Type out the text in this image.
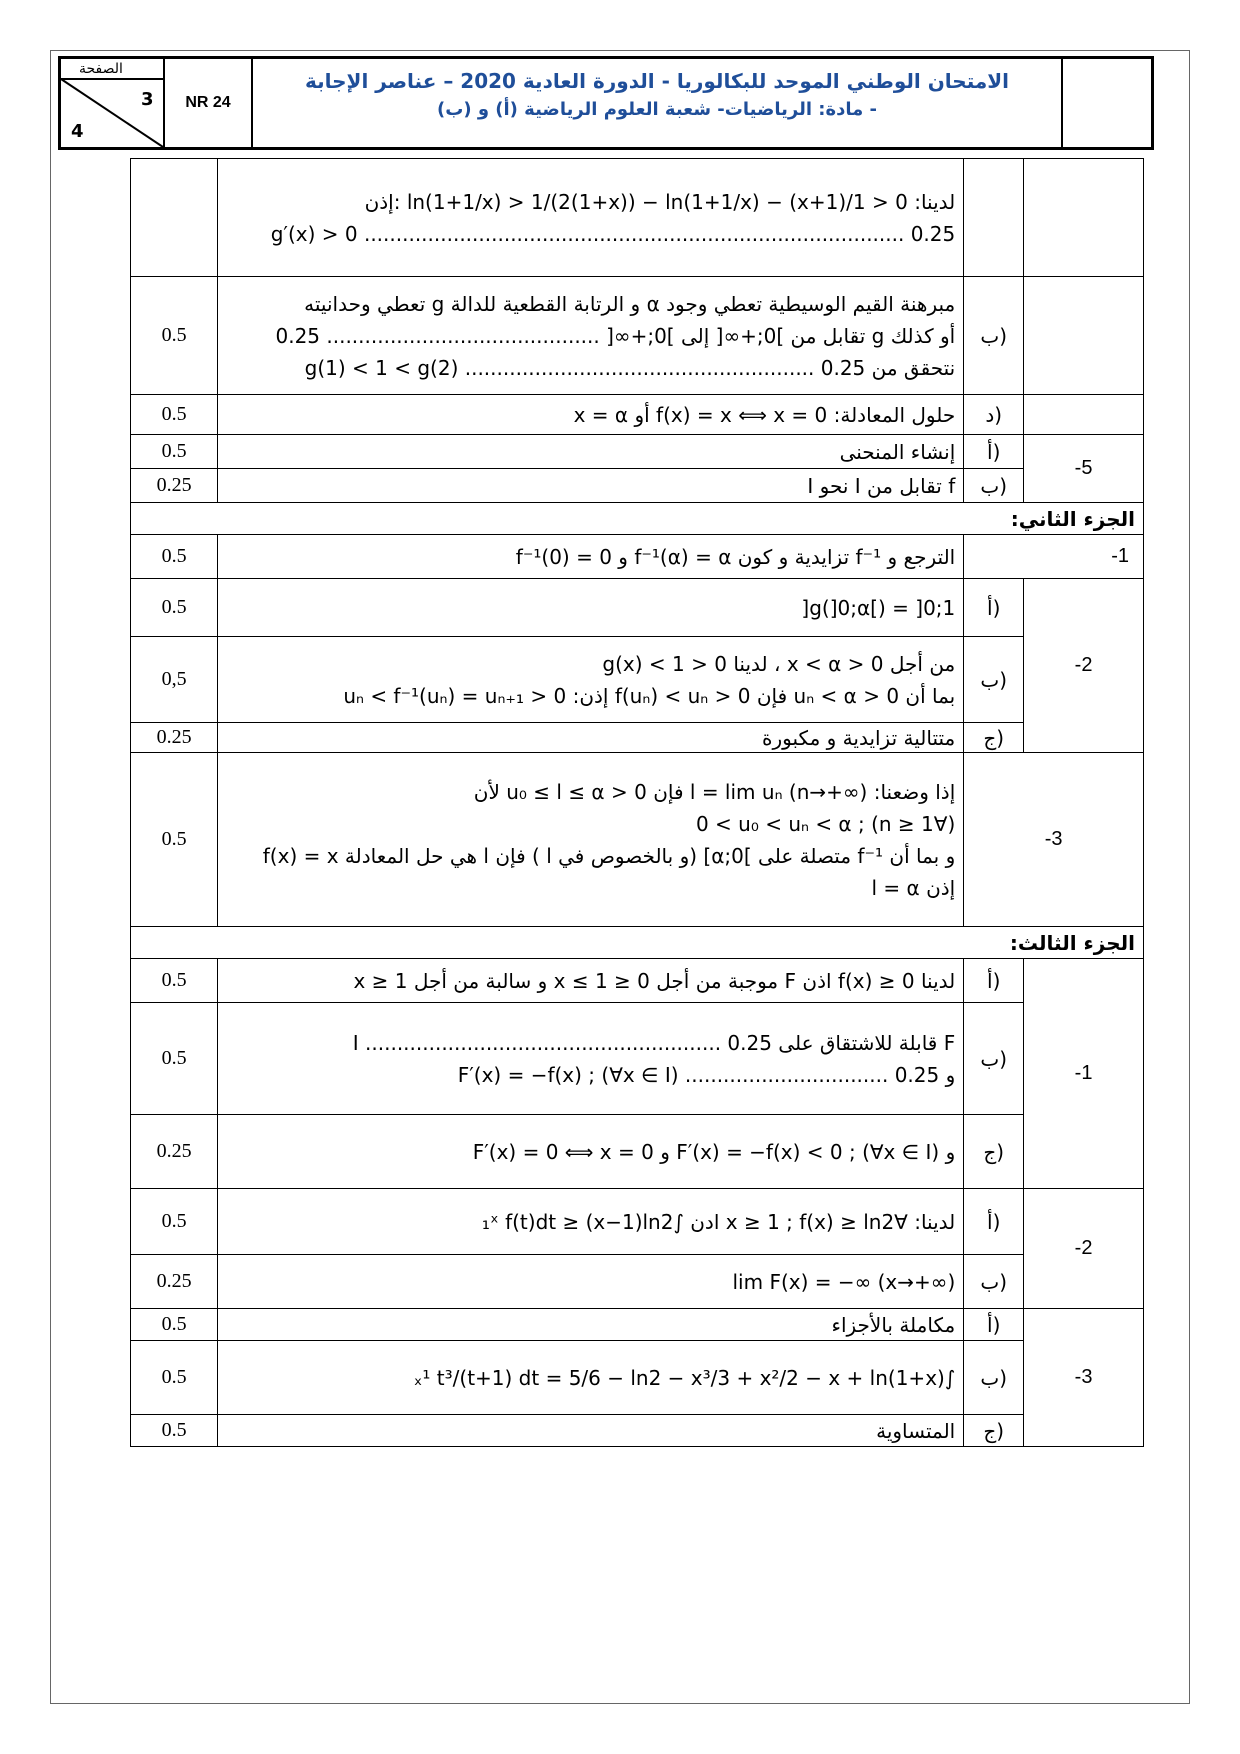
الصفحة
3
4
NR 24
الامتحان الوطني الموحد للبكالوريا - الدورة العادية 2020 – عناصر الإجابة
- مادة: الرياضيات- شعبة العلوم الرياضية (أ) و (ب)

	لدينا: 0 < 1/(1+x) − ln(1+1/x) > 1/(2(1+x)) − ln(1+1/x) :إذن
g′(x) > 0 ..................................................................................... 0.25		

0.5	مبرهنة القيم الوسيطية تعطي وجود α و الرتابة القطعية للدالة g تعطي وحدانيته
أو كذلك g تقابل من ]0;+∞[ إلى ]0;+∞[ ........................................... 0.25
نتحقق من g(1) < 1 < g(2) ....................................................... 0.25	ب)	
0.5	حلول المعادلة: f(x) = x ⟺ x = 0 أو x = α	د)	
0.5	إنشاء المنحنى	أ)	-5
0.25	f تقابل من I نحو I	ب)	
الجزء الثاني:			
0.5	الترجع و f⁻¹ تزايدية و كون f⁻¹(α) = α و f⁻¹(0) = 0	-1	
0.5	g(]0;α[) = ]0;1[	أ)	-2
0,5	من أجل 0 < x < α ، لدينا 0 < g(x) < 1
بما أن 0 < uₙ < α فإن 0 < f(uₙ) < uₙ إذن: 0 < uₙ < f⁻¹(uₙ) = uₙ₊₁	ب)	
0.25	متتالية تزايدية و مكبورة	ج)	
0.5	إذا وضعنا: l = lim uₙ (n→+∞) فإن 0 < u₀ ≤ l ≤ α لأن
(∀n ≥ 1) ; 0 < u₀ < uₙ < α
و بما أن f⁻¹ متصلة على ]0;α] (و بالخصوص في l ) فإن l هي حل المعادلة f(x) = x
إذن l = α	-3	
الجزء الثالث:			
0.5	لدينا f(x) ≥ 0 اذن F موجبة من أجل 0 ≤ x ≤ 1 و سالبة من أجل x ≥ 1	أ)	-1
0.5	F قابلة للاشتقاق على I ........................................................ 0.25
و F′(x) = −f(x) ; (∀x ∈ I) ................................ 0.25	ب)	
0.25	و F′(x) = −f(x) < 0 ; (∀x ∈ I) و F′(x) = 0 ⟺ x = 0	ج)	
0.5	لدينا: ∀x ≥ 1 ; f(x) ≥ ln2 ادن ∫₁ˣ f(t)dt ≥ (x−1)ln2	أ)	-2
0.25	lim F(x) = −∞ (x→+∞)	ب)	
0.5	مكاملة بالأجزاء	أ)	-3
0.5	∫ₓ¹ t³/(t+1) dt = 5/6 − ln2 − x³/3 + x²/2 − x + ln(1+x)	ب)	
0.5	المتساوية	ج)	
